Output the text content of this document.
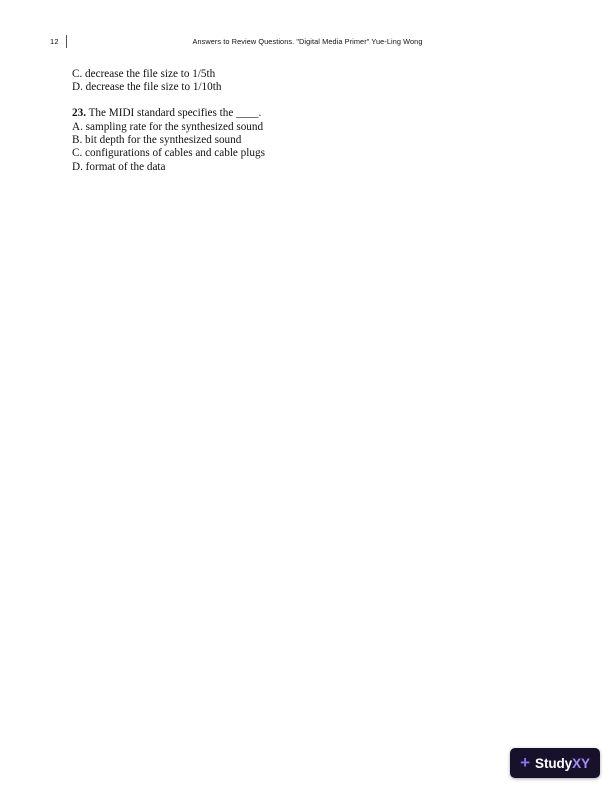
12	Answers to Review Questions. "Digital Media Primer" Yue-Ling Wong
C. decrease the file size to 1/5th
D. decrease the file size to 1/10th
23. The MIDI standard specifies the ____.
A. sampling rate for the synthesized sound
B. bit depth for the synthesized sound
C. configurations of cables and cable plugs
D. format of the data
+ StudyXY
